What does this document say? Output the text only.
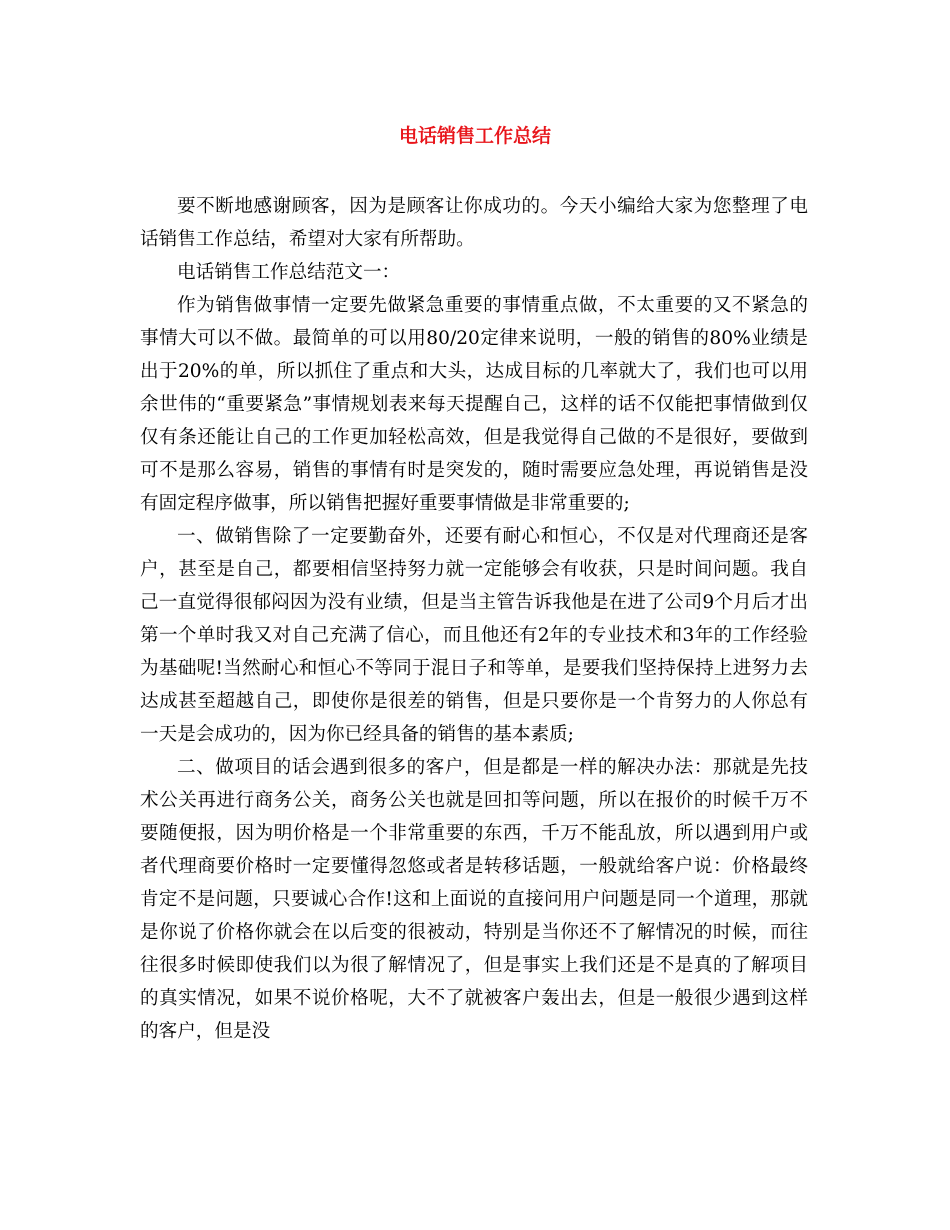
电话销售工作总结

要不断地感谢顾客，因为是顾客让你成功的。今天小编给大家为您整理了电话销售工作总结，希望对大家有所帮助。

电话销售工作总结范文一：

作为销售做事情一定要先做紧急重要的事情重点做，不太重要的又不紧急的事情大可以不做。最简单的可以用80/20定律来说明，一般的销售的80%业绩是出于20%的单，所以抓住了重点和大头，达成目标的几率就大了，我们也可以用余世伟的“重要紧急”事情规划表来每天提醒自己，这样的话不仅能把事情做到仅仅有条还能让自己的工作更加轻松高效，但是我觉得自己做的不是很好，要做到可不是那么容易，销售的事情有时是突发的，随时需要应急处理，再说销售是没有固定程序做事，所以销售把握好重要事情做是非常重要的;

一、做销售除了一定要勤奋外，还要有耐心和恒心，不仅是对代理商还是客户，甚至是自己，都要相信坚持努力就一定能够会有收获，只是时间问题。我自己一直觉得很郁闷因为没有业绩，但是当主管告诉我他是在进了公司9个月后才出第一个单时我又对自己充满了信心，而且他还有2年的专业技术和3年的工作经验为基础呢!当然耐心和恒心不等同于混日子和等单，是要我们坚持保持上进努力去达成甚至超越自己，即使你是很差的销售，但是只要你是一个肯努力的人你总有一天是会成功的，因为你已经具备的销售的基本素质;

二、做项目的话会遇到很多的客户，但是都是一样的解决办法：那就是先技术公关再进行商务公关，商务公关也就是回扣等问题，所以在报价的时候千万不要随便报，因为明价格是一个非常重要的东西，千万不能乱放，所以遇到用户或者代理商要价格时一定要懂得忽悠或者是转移话题，一般就给客户说：价格最终肯定不是问题，只要诚心合作!这和上面说的直接问用户问题是同一个道理，那就是你说了价格你就会在以后变的很被动，特别是当你还不了解情况的时候，而往往很多时候即使我们以为很了解情况了，但是事实上我们还是不是真的了解项目的真实情况，如果不说价格呢，大不了就被客户轰出去，但是一般很少遇到这样的客户，但是没
